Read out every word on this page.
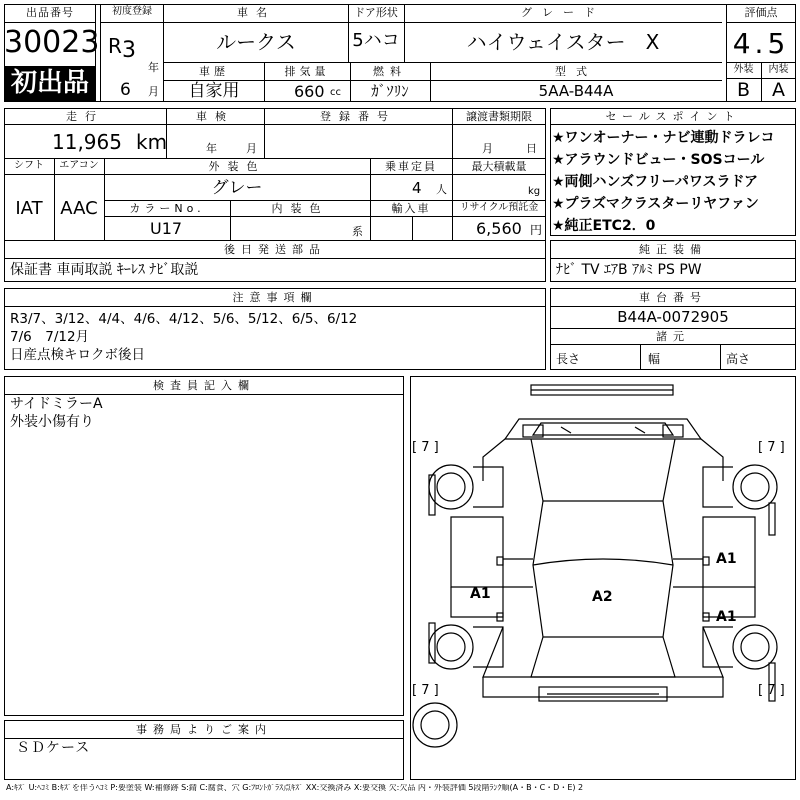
出品番号
30023
初出品
初度登録
R 3
年
6 月
車名
ルークス
ドア形状
5ハコ
グレード
ハイウェイスター　X
車歴
自家用
排気量
660 cc
燃料
ｶﾞｿﾘﾝ
型式
5AA-B44A
評価点
4.5
外装	内装
B	A
走行
11,965 km
車検
年	月
登録番号	譲渡書類期限
月	日
シフト
IAT
エアコン
AAC
外装色
グレー
乗車定員
4 人
最大積載量
kg
カラーNo.
U17
内装色
系
輸入車	リサイクル預託金
6,560 円
後日発送部品
保証書 車両取説 ｷｰﾚｽ ﾅﾋﾞ取説
セールスポイント
★ワンオーナー・ナビ連動ドラレコ
★アラウンドビュー・SOSコール
★両側ハンズフリーパワスラドア
★プラズマクラスターリヤファン
★純正ETC2．0
純正装備
ﾅﾋﾞ TV ｴｱB ｱﾙﾐ PS PW
注意事項欄
R3/7、3/12、4/4、4/6、4/12、5/6、5/12、6/5、6/12
7/6　7/12月
日産点検キロクボ後日
車台番号
B44A-0072905
諸元
長さ	幅	高さ
検査員記入欄
サイドミラーA
外装小傷有り
事務局よりご案内
ＳＤケース
[ 7 ]	[ 7 ]
[ 7 ]	[ 7 ]
A1
A1	A2
A1
A:ｷｽﾞ U:ﾍｺﾐ B:ｷｽﾞを伴うﾍｺﾐ P:要塗装 W:補修跡 S:錆 C:腐食、穴 G:ﾌﾛﾝﾄｶﾞﾗｽ点ｷｽﾞ XX:交換済み X:要交換 欠:欠品 内・外装評価 5段階ﾗﾝｸ順(A・B・C・D・E) 2
